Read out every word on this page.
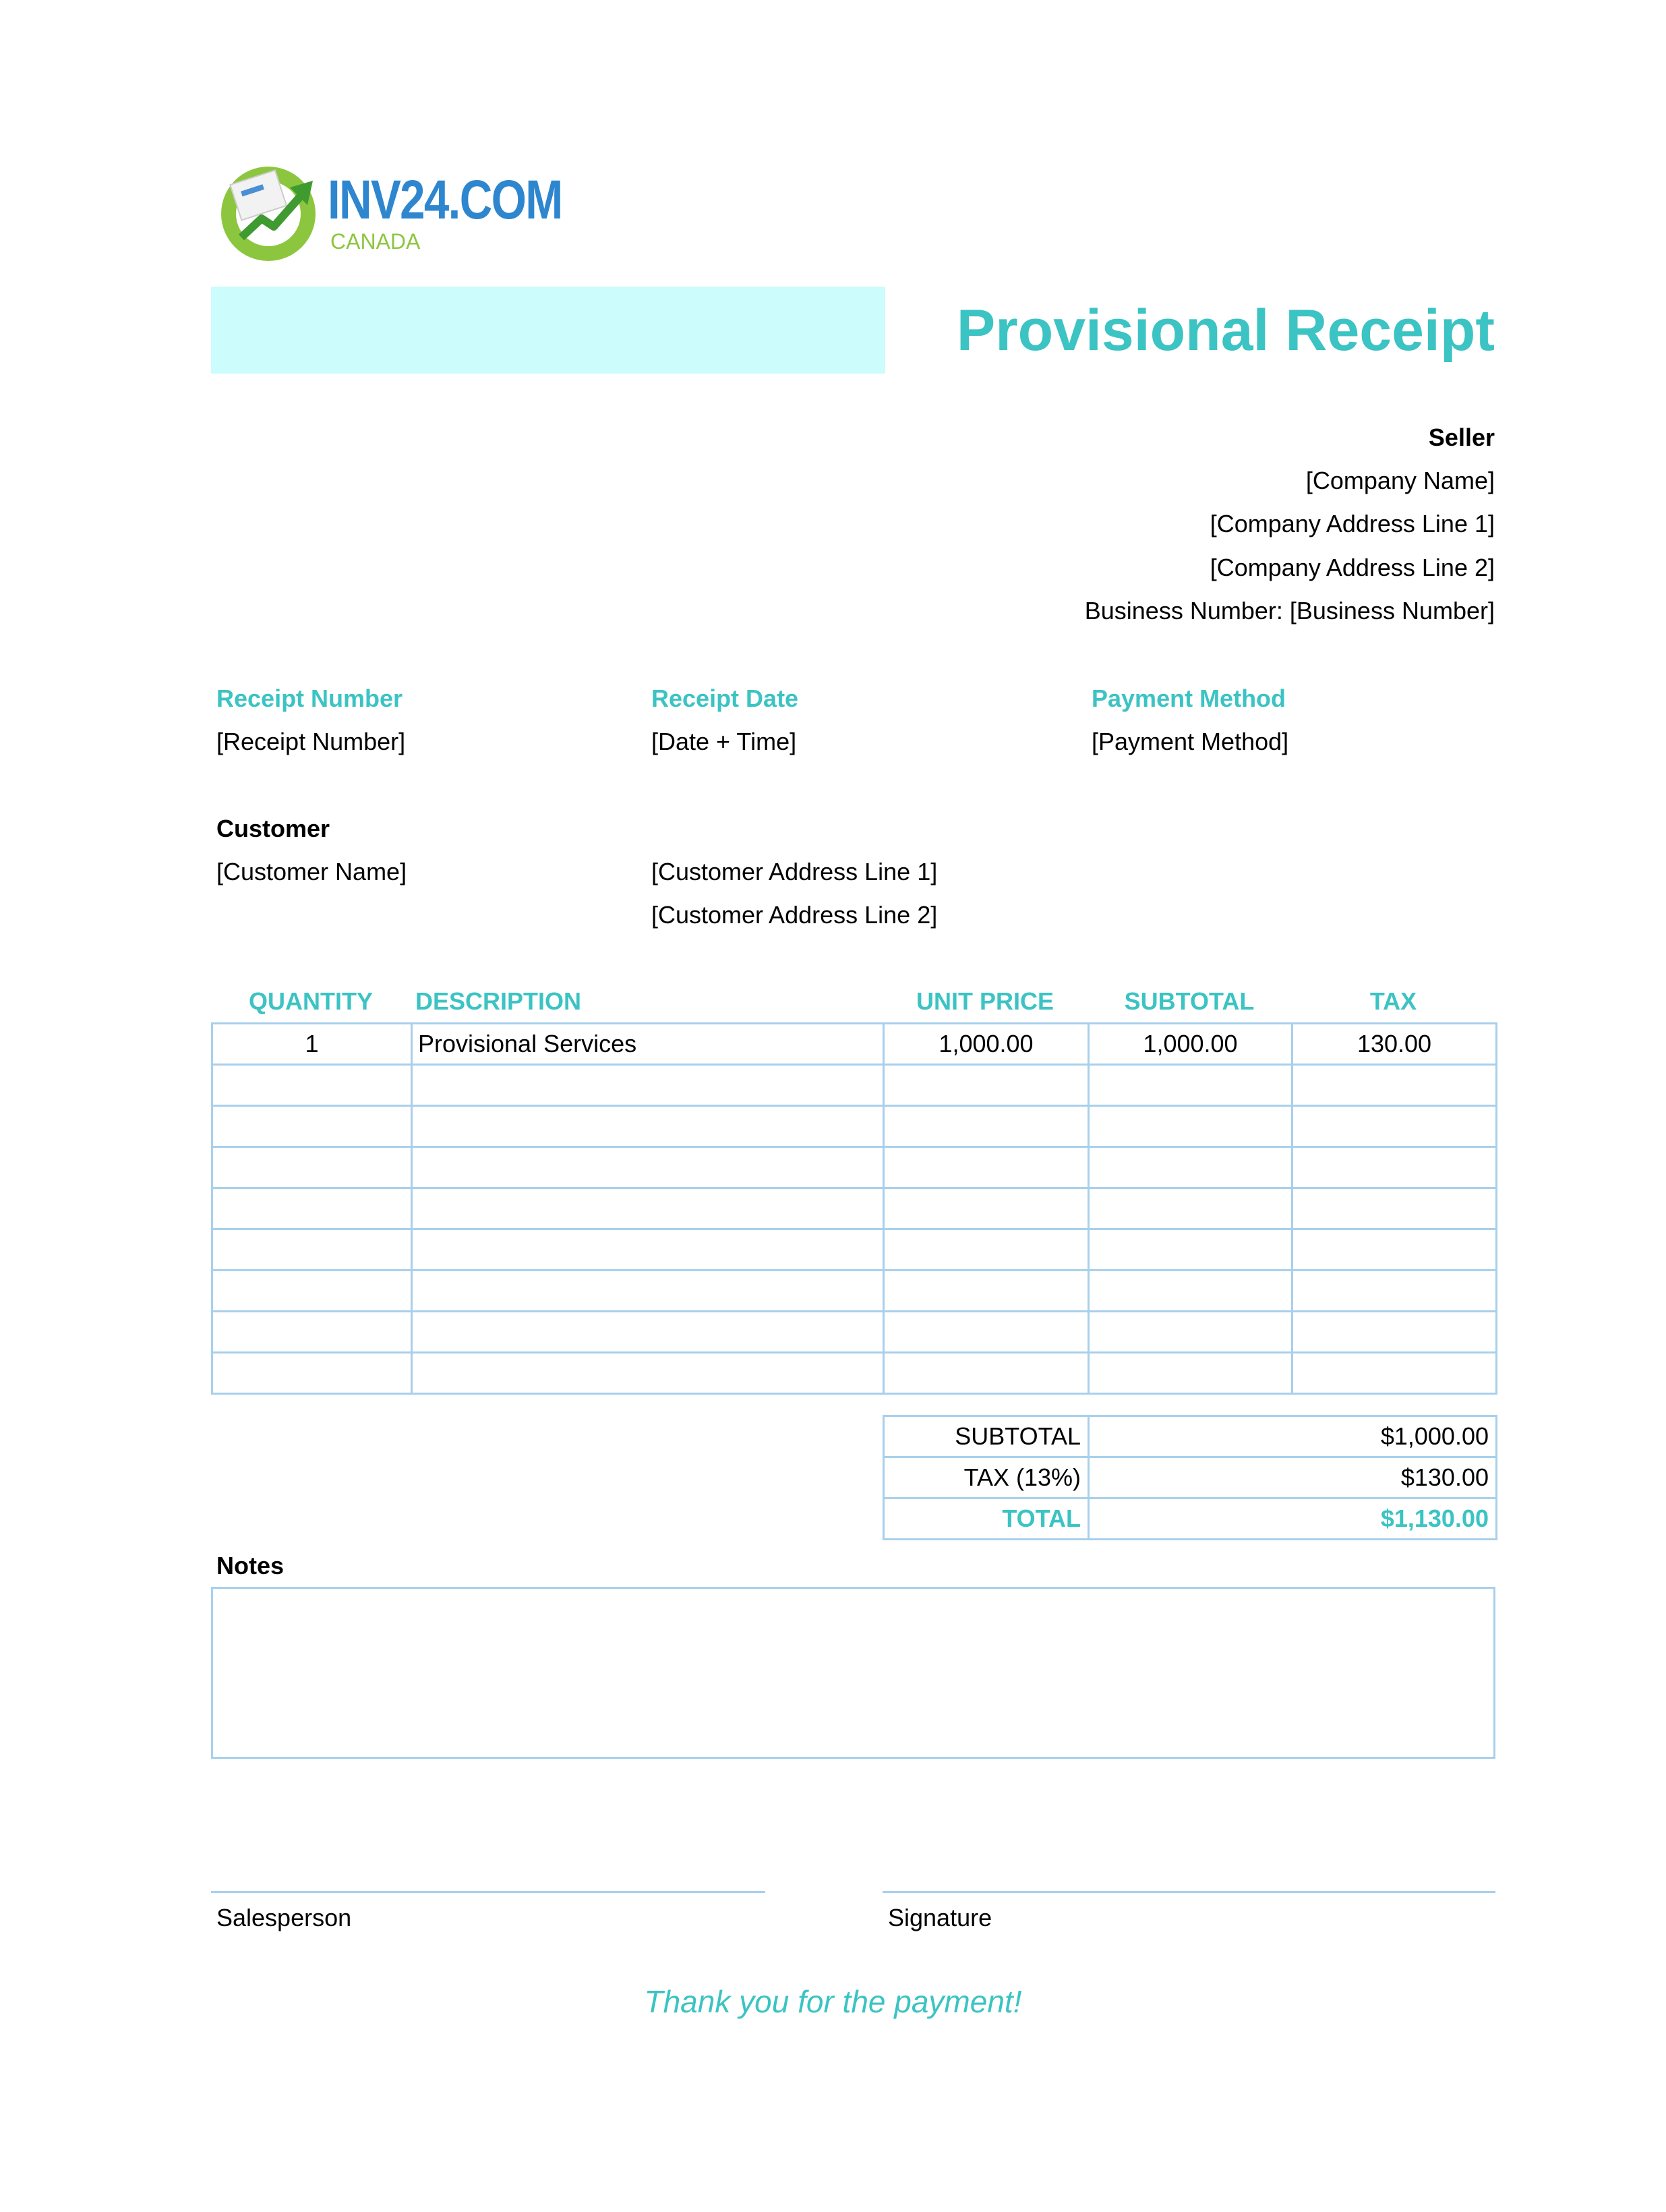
INV24.COM
CANADA
Provisional Receipt
Seller
[Company Name]
[Company Address Line 1]
[Company Address Line 2]
Business Number: [Business Number]
Receipt Number
[Receipt Number]
Receipt Date
[Date + Time]
Payment Method
[Payment Method]
Customer
[Customer Name]	[Customer Address Line 1]
[Customer Address Line 2]
QUANTITY	DESCRIPTION	UNIT PRICE	SUBTOTAL	TAX
1	Provisional Services	1,000.00	1,000.00	130.00

SUBTOTAL	$1,000.00
TAX (13%)	$130.00
TOTAL	$1,130.00
Notes
Salesperson	Signature
Thank you for the payment!
